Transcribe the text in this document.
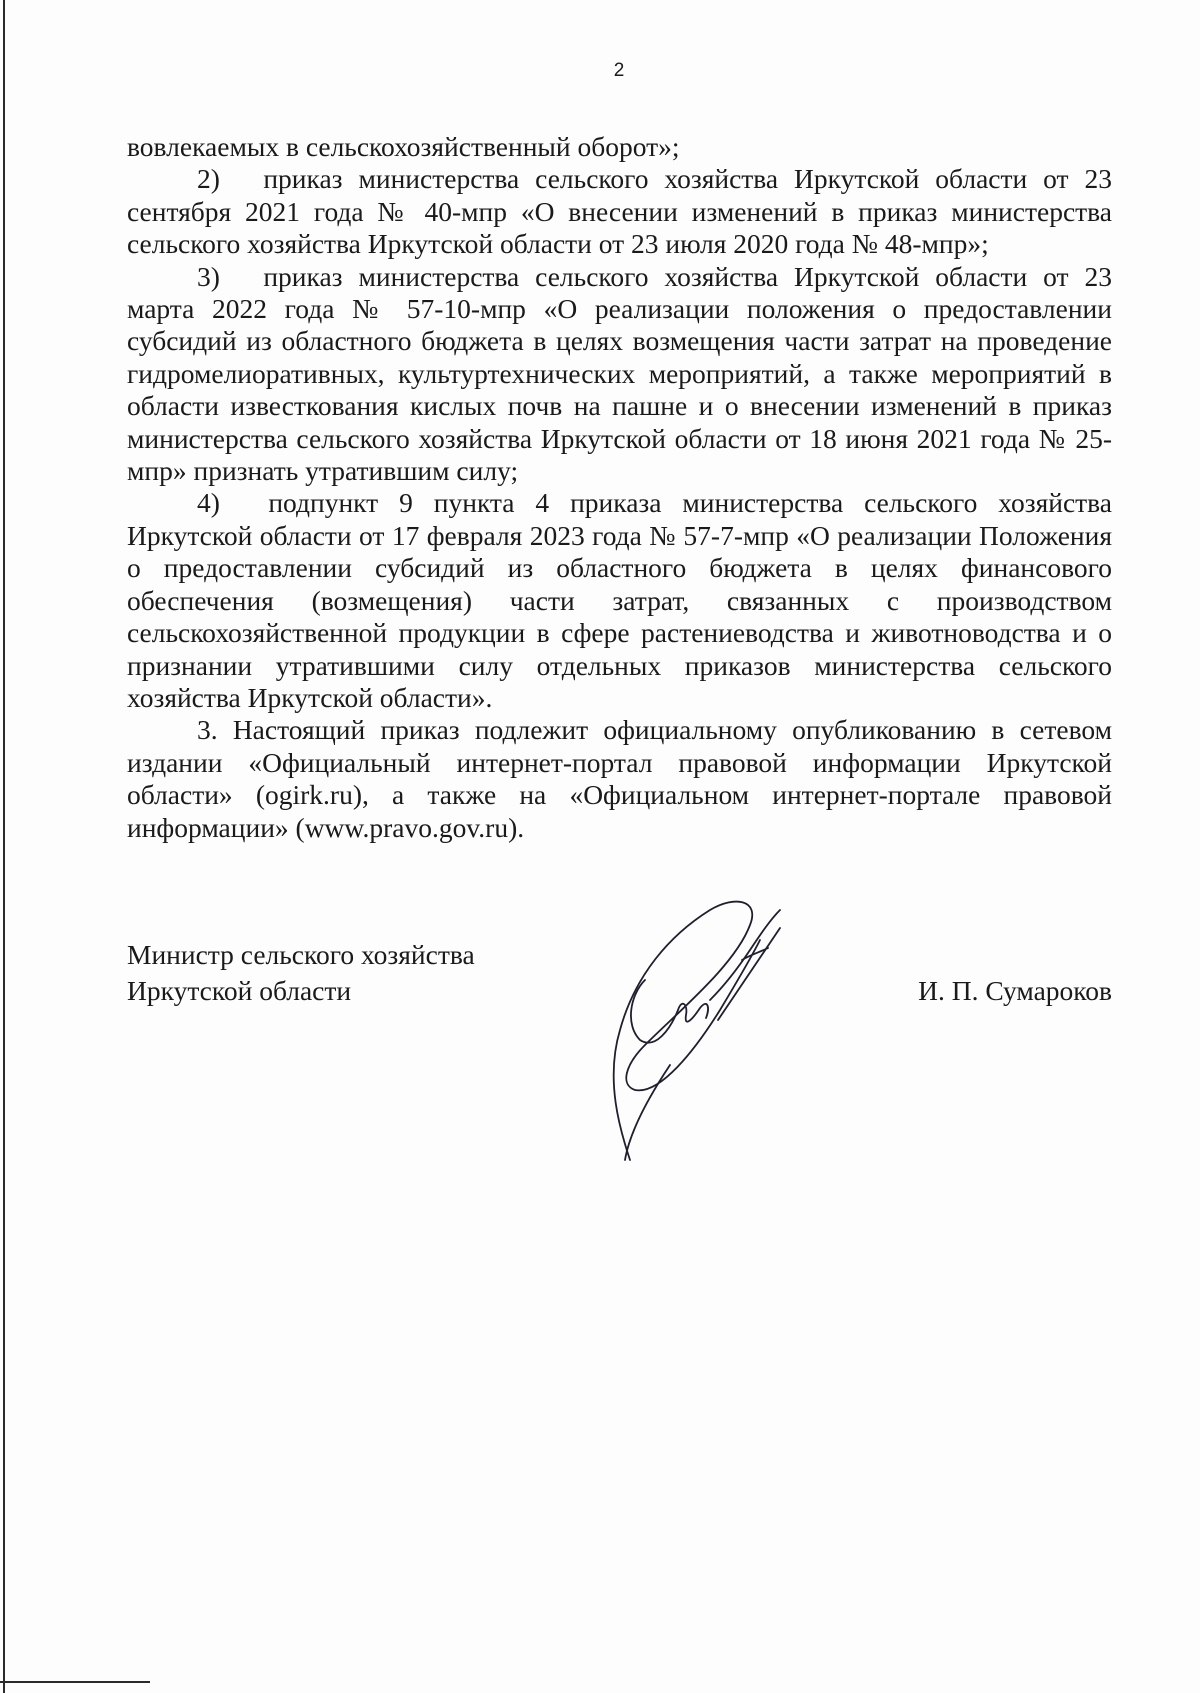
2

вовлекаемых в сельскохозяйственный оборот»;

2)  приказ министерства сельского хозяйства Иркутской области от 23 сентября 2021 года № 40-мпр «О внесении изменений в приказ министерства сельского хозяйства Иркутской области от 23 июля 2020 года № 48-мпр»;

3)  приказ министерства сельского хозяйства Иркутской области от 23 марта 2022 года № 57-10-мпр «О реализации положения о предоставлении субсидий из областного бюджета в целях возмещения части затрат на проведение гидромелиоративных, культуртехнических мероприятий, а также мероприятий в области известкования кислых почв на пашне и о внесении изменений в приказ министерства сельского хозяйства Иркутской области от 18 июня 2021 года № 25-мпр» признать утратившим силу;

4)  подпункт 9 пункта 4 приказа министерства сельского хозяйства Иркутской области от 17 февраля 2023 года № 57-7-мпр «О реализации Положения о предоставлении субсидий из областного бюджета в целях финансового обеспечения (возмещения) части затрат, связанных с производством сельскохозяйственной продукции в сфере растениеводства и животноводства и о признании утратившими силу отдельных приказов министерства сельского хозяйства Иркутской области».

3. Настоящий приказ подлежит официальному опубликованию в сетевом издании «Официальный интернет-портал правовой информации Иркутской области» (ogirk.ru), а также на «Официальном интернет-портале правовой информации» (www.pravo.gov.ru).

Министр сельского хозяйства
Иркутской области	И. П. Сумароков
